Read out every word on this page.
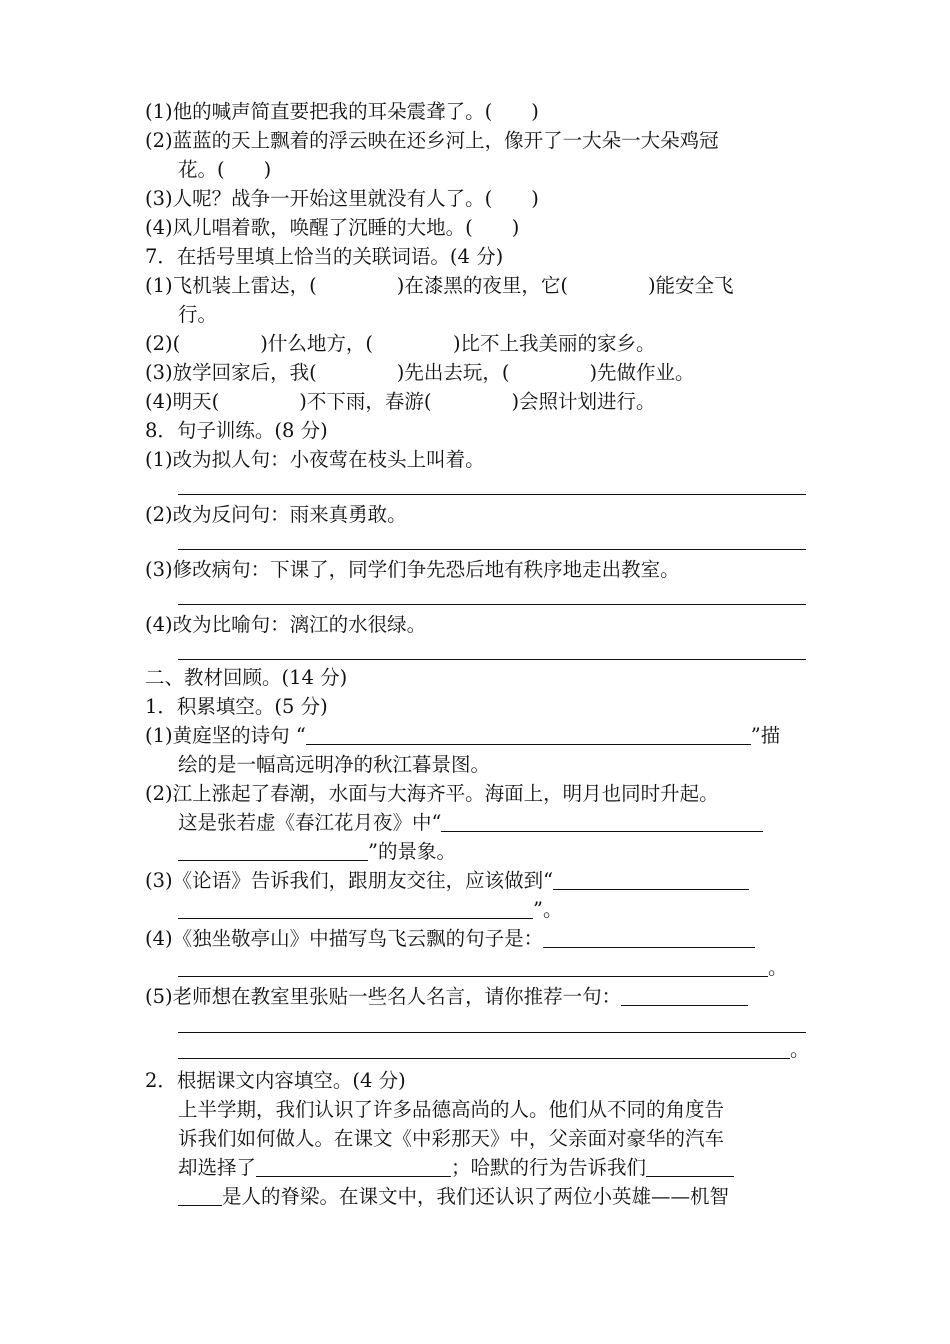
(1)他的喊声简直要把我的耳朵震聋了。(　　)
(2)蓝蓝的天上飘着的浮云映在还乡河上，像开了一大朵一大朵鸡冠
花。(　　)
(3)人呢？战争一开始这里就没有人了。(　　)
(4)风儿唱着歌，唤醒了沉睡的大地。(　　)
7．在括号里填上恰当的关联词语。(4 分)
(1)飞机装上雷达，(	)在漆黑的夜里，它(	)能安全飞
行。
(2)(	)什么地方，(	)比不上我美丽的家乡。
(3)放学回家后，我(	)先出去玩，(	)先做作业。
(4)明天(	)不下雨，春游(	)会照计划进行。
8．句子训练。(8 分)
(1)改为拟人句：小夜莺在枝头上叫着。
(2)改为反问句：雨来真勇敢。
(3)修改病句：下课了，同学们争先恐后地有秩序地走出教室。
(4)改为比喻句：漓江的水很绿。
二、教材回顾。(14 分)
1．积累填空。(5 分)
(1)黄庭坚的诗句 “	”描
绘的是一幅高远明净的秋江暮景图。
(2)江上涨起了春潮，水面与大海齐平。海面上，明月也同时升起。
这是张若虚《春江花月夜》中“
”的景象。
(3)《论语》告诉我们，跟朋友交往，应该做到“
”。
(4)《独坐敬亭山》中描写鸟飞云飘的句子是：
。
(5)老师想在教室里张贴一些名人名言，请你推荐一句：
。
2．根据课文内容填空。(4 分)
上半学期，我们认识了许多品德高尚的人。他们从不同的角度告
诉我们如何做人。在课文《中彩那天》中，父亲面对豪华的汽车
却选择了	；哈默的行为告诉我们
是人的脊梁。在课文中，我们还认识了两位小英雄——机智
